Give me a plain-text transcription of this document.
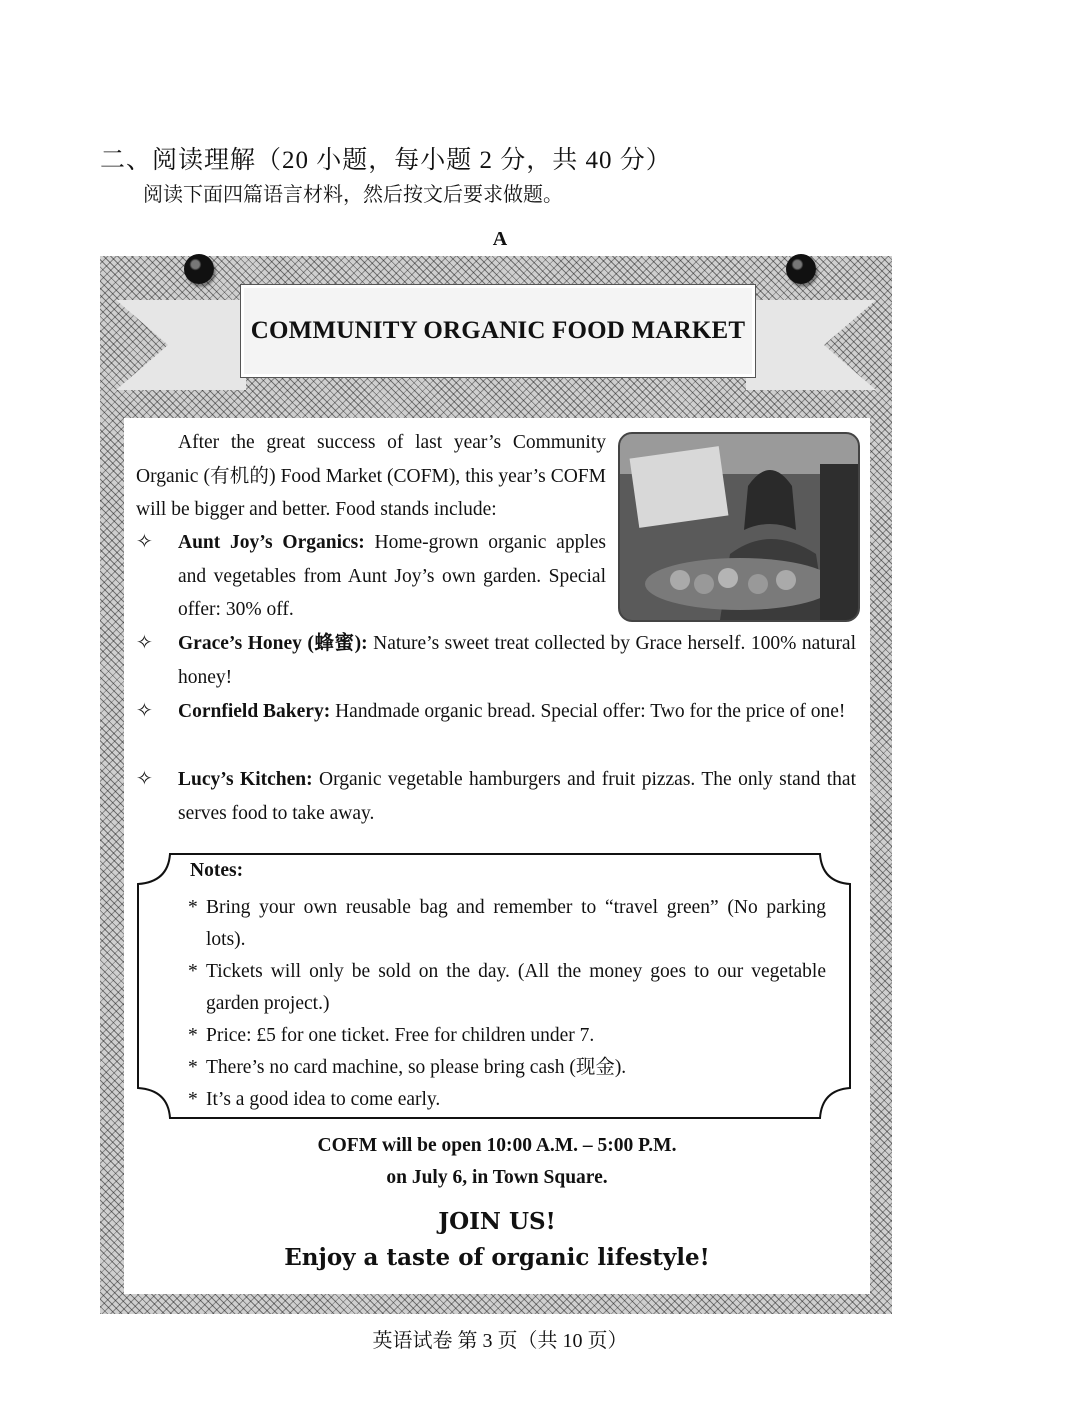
二、阅读理解（20 小题，每小题 2 分，共 40 分）
阅读下面四篇语言材料，然后按文后要求做题。
A
COMMUNITY ORGANIC FOOD MARKET
After the great success of last year’s Community Organic (有机的) Food Market (COFM), this year’s COFM will be bigger and better. Food stands include:
✧	Aunt Joy’s Organics: Home-grown organic apples and vegetables from Aunt Joy’s own garden. Special offer: 30% off.
✧	Grace’s Honey (蜂蜜): Nature’s sweet treat collected by Grace herself. 100% natural honey!
✧	Cornfield Bakery: Handmade organic bread. Special offer: Two for the price of one!
✧	Lucy’s Kitchen: Organic vegetable hamburgers and fruit pizzas. The only stand that serves food to take away.
Notes:
* Bring your own reusable bag and remember to “travel green” (No parking lots).
* Tickets will only be sold on the day. (All the money goes to our vegetable garden project.)
* Price: £5 for one ticket. Free for children under 7.
* There’s no card machine, so please bring cash (现金).
* It’s a good idea to come early.
COFM will be open 10:00 A.M. – 5:00 P.M.
on July 6, in Town Square.
JOIN US!
Enjoy a taste of organic lifestyle!
英语试卷 第 3 页（共 10 页）
